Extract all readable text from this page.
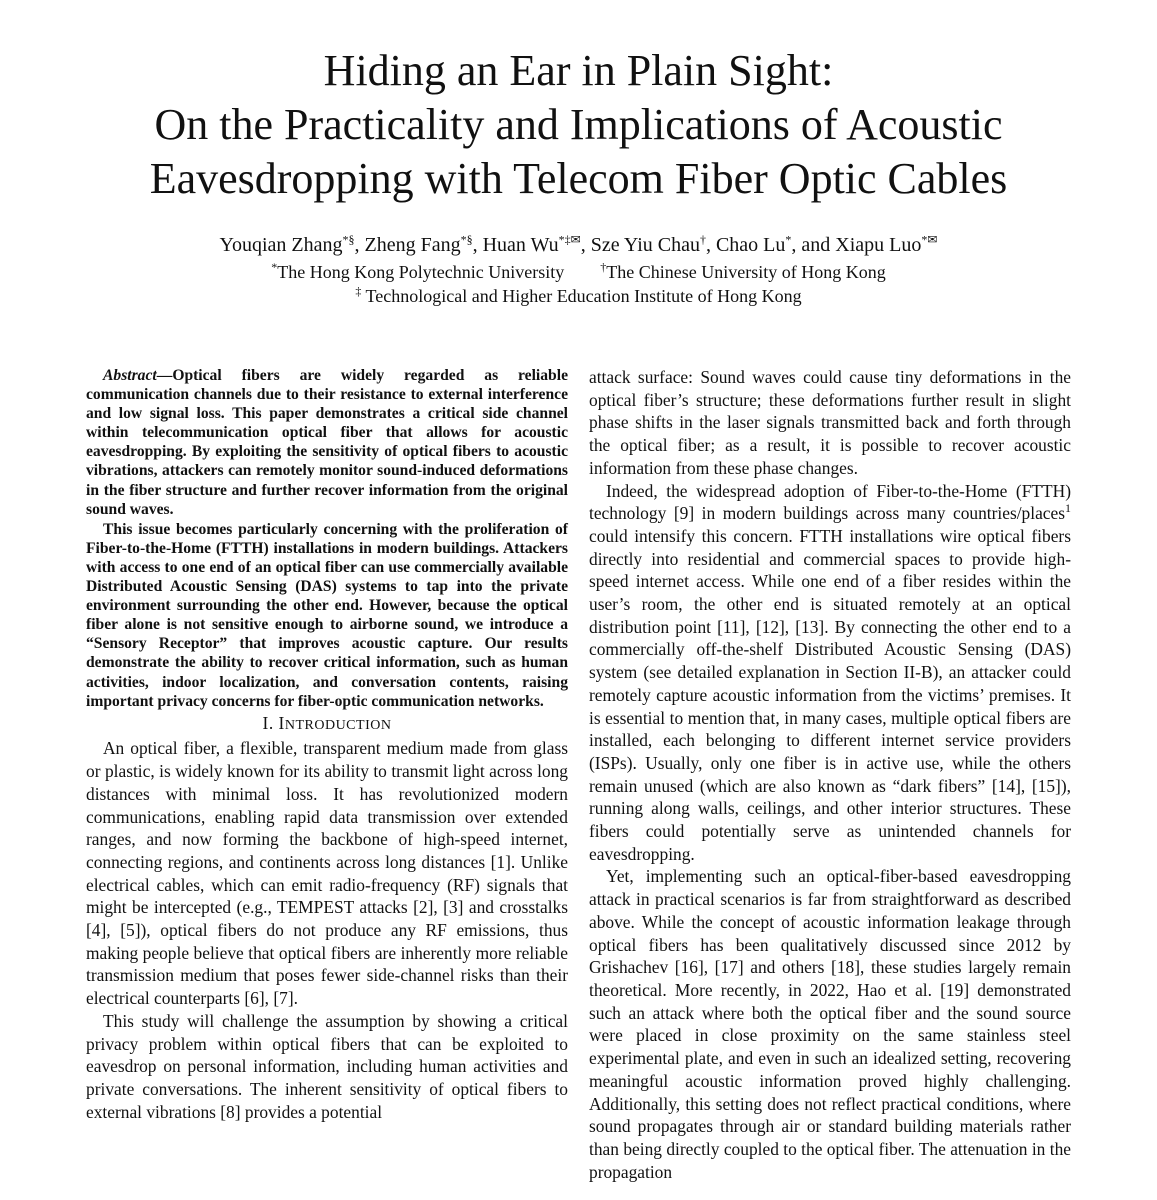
Hiding an Ear in Plain Sight:
On the Practicality and Implications of Acoustic
Eavesdropping with Telecom Fiber Optic Cables
Youqian Zhang*§, Zheng Fang*§, Huan Wu*‡✉, Sze Yiu Chau†, Chao Lu*, and Xiapu Luo*✉
*The Hong Kong Polytechnic University	†The Chinese University of Hong Kong
‡ Technological and Higher Education Institute of Hong Kong

Abstract—Optical fibers are widely regarded as reliable communication channels due to their resistance to external interference and low signal loss. This paper demonstrates a critical side channel within telecommunication optical fiber that allows for acoustic eavesdropping. By exploiting the sensitivity of optical fibers to acoustic vibrations, attackers can remotely monitor sound-induced deformations in the fiber structure and further recover information from the original sound waves.

This issue becomes particularly concerning with the proliferation of Fiber-to-the-Home (FTTH) installations in modern buildings. Attackers with access to one end of an optical fiber can use commercially available Distributed Acoustic Sensing (DAS) systems to tap into the private environment surrounding the other end. However, because the optical fiber alone is not sensitive enough to airborne sound, we introduce a “Sensory Receptor” that improves acoustic capture. Our results demonstrate the ability to recover critical information, such as human activities, indoor localization, and conversation contents, raising important privacy concerns for fiber-optic communication networks.

I. INTRODUCTION

An optical fiber, a flexible, transparent medium made from glass or plastic, is widely known for its ability to transmit light across long distances with minimal loss. It has revolutionized modern communications, enabling rapid data transmission over extended ranges, and now forming the backbone of high-speed internet, connecting regions, and continents across long distances [1]. Unlike electrical cables, which can emit radio-frequency (RF) signals that might be intercepted (e.g., TEMPEST attacks [2], [3] and crosstalks [4], [5]), optical fibers do not produce any RF emissions, thus making people believe that optical fibers are inherently more reliable transmission medium that poses fewer side-channel risks than their electrical counterparts [6], [7].

This study will challenge the assumption by showing a critical privacy problem within optical fibers that can be exploited to eavesdrop on personal information, including human activities and private conversations. The inherent sensitivity of optical fibers to external vibrations [8] provides a potential

attack surface: Sound waves could cause tiny deformations in the optical fiber’s structure; these deformations further result in slight phase shifts in the laser signals transmitted back and forth through the optical fiber; as a result, it is possible to recover acoustic information from these phase changes.

Indeed, the widespread adoption of Fiber-to-the-Home (FTTH) technology [9] in modern buildings across many countries/places$^1$ could intensify this concern. FTTH installations wire optical fibers directly into residential and commercial spaces to provide high-speed internet access. While one end of a fiber resides within the user’s room, the other end is situated remotely at an optical distribution point [11], [12], [13]. By connecting the other end to a commercially off-the-shelf Distributed Acoustic Sensing (DAS) system (see detailed explanation in Section II-B), an attacker could remotely capture acoustic information from the victims’ premises. It is essential to mention that, in many cases, multiple optical fibers are installed, each belonging to different internet service providers (ISPs). Usually, only one fiber is in active use, while the others remain unused (which are also known as “dark fibers” [14], [15]), running along walls, ceilings, and other interior structures. These fibers could potentially serve as unintended channels for eavesdropping.

Yet, implementing such an optical-fiber-based eavesdropping attack in practical scenarios is far from straightforward as described above. While the concept of acoustic information leakage through optical fibers has been qualitatively discussed since 2012 by Grishachev [16], [17] and others [18], these studies largely remain theoretical. More recently, in 2022, Hao et al. [19] demonstrated such an attack where both the optical fiber and the sound source were placed in close proximity on the same stainless steel experimental plate, and even in such an idealized setting, recovering meaningful acoustic information proved highly challenging. Additionally, this setting does not reflect practical conditions, where sound propagates through air or standard building materials rather than being directly coupled to the optical fiber. The attenuation in the propagation
